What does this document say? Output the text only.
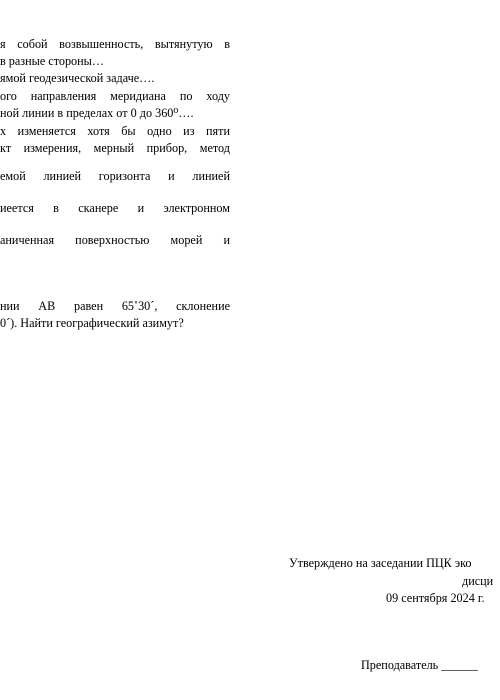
я собой возвышенность, вытянутую в
в разные стороны…
ямой геодезической задаче….
ого направления меридиана по ходу
ной линии в пределах от 0 до 360⁰….
х изменяется хотя бы одно из пяти
кт измерения, мерный прибор, метод
емой линией горизонта и линией
иеется в сканере и электронном
аниченная поверхностью морей и
нии АВ равен 65˚30´, склонение
0´). Найти географический азимут?
Утверждено на заседании ПЦК эко
дисци
09 сентября 2024 г.
Преподаватель ______
